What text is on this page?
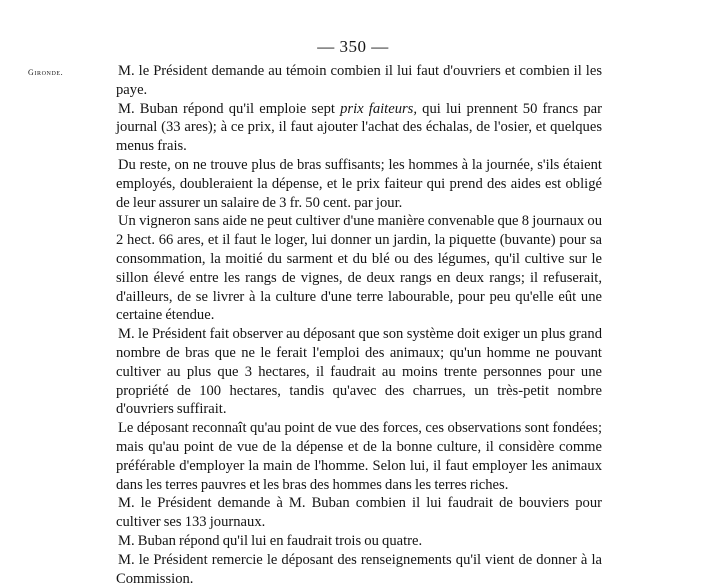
— 350 —
Gironde.	M. le Président demande au témoin combien il lui faut d'ouvriers et combien il les paye.

M. Buban répond qu'il emploie sept prix faiteurs, qui lui prennent 50 francs par journal (33 ares); à ce prix, il faut ajouter l'achat des échalas, de l'osier, et quelques menus frais.

Du reste, on ne trouve plus de bras suffisants; les hommes à la journée, s'ils étaient employés, doubleraient la dépense, et le prix faiteur qui prend des aides est obligé de leur assurer un salaire de 3 fr. 50 cent. par jour.

Un vigneron sans aide ne peut cultiver d'une manière convenable que 8 journaux ou 2 hect. 66 ares, et il faut le loger, lui donner un jardin, la piquette (buvante) pour sa consommation, la moitié du sarment et du blé ou des légumes, qu'il cultive sur le sillon élevé entre les rangs de vignes, de deux rangs en deux rangs; il refuserait, d'ailleurs, de se livrer à la culture d'une terre labourable, pour peu qu'elle eût une certaine étendue.

M. le Président fait observer au déposant que son système doit exiger un plus grand nombre de bras que ne le ferait l'emploi des animaux; qu'un homme ne pouvant cultiver au plus que 3 hectares, il faudrait au moins trente personnes pour une propriété de 100 hectares, tandis qu'avec des charrues, un très-petit nombre d'ouvriers suffirait.

Le déposant reconnaît qu'au point de vue des forces, ces observations sont fondées; mais qu'au point de vue de la dépense et de la bonne culture, il considère comme préférable d'employer la main de l'homme. Selon lui, il faut employer les animaux dans les terres pauvres et les bras des hommes dans les terres riches.

M. le Président demande à M. Buban combien il lui faudrait de bouviers pour cultiver ses 133 journaux.

M. Buban répond qu'il lui en faudrait trois ou quatre.

M. le Président remercie le déposant des renseignements qu'il vient de donner à la Commission.
